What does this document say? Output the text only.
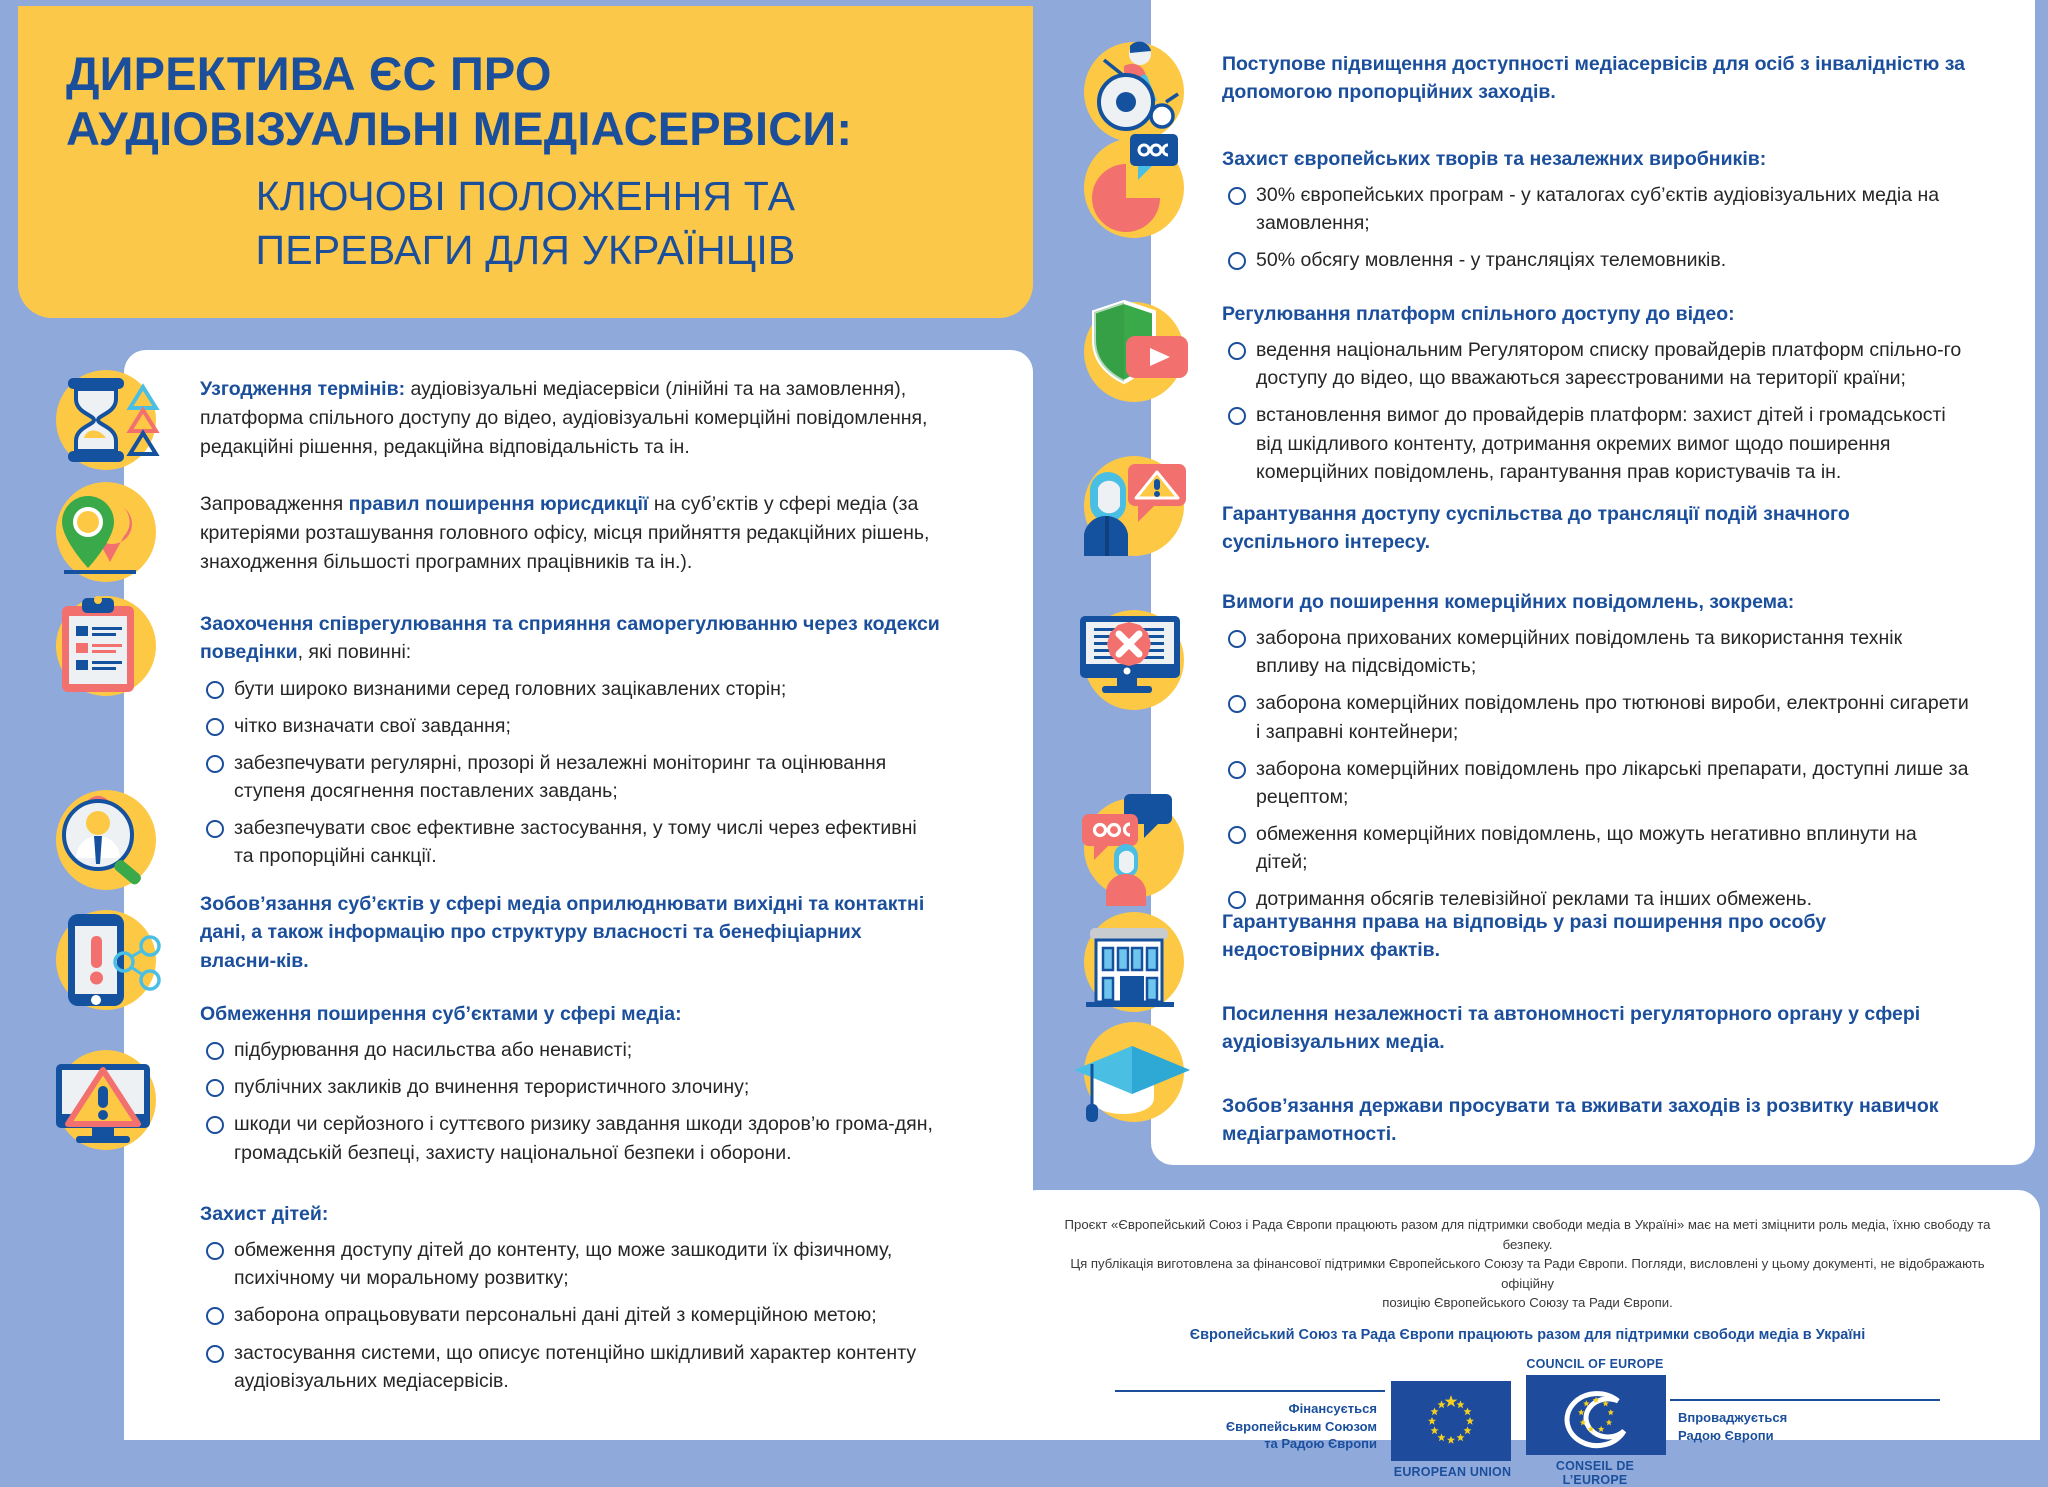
ДИРЕКТИВА ЄС ПРО
АУДІОВІЗУАЛЬНІ МЕДІАСЕРВІСИ:
КЛЮЧОВІ ПОЛОЖЕННЯ ТА
ПЕРЕВАГИ ДЛЯ УКРАЇНЦІВ
Узгодження термінів: аудіовізуальні медіасервіси (лінійні та на замовлення), платформа спільного доступу до відео, аудіовізуальні комерційні повідомлення, редакційні рішення, редакційна відповідальність та ін.
Запровадження правил поширення юрисдикції на суб’єктів у сфері медіа (за критеріями розташування головного офісу, місця прийняття редакційних рішень, знаходження більшості програмних працівників та ін.).
Заохочення співрегулювання та сприяння саморегулюванню через кодекси поведінки, які повинні:
бути широко визнаними серед головних зацікавлених сторін;
чітко визначати свої завдання;
забезпечувати регулярні, прозорі й незалежні моніторинг та оцінювання ступеня досягнення поставлених завдань;
забезпечувати своє ефективне застосування, у тому числі через ефективні та пропорційні санкції.
Зобов’язання суб’єктів у сфері медіа оприлюднювати вихідні та контактні дані, а також інформацію про структуру власності та бенефіціарних власни-ків.
Обмеження поширення суб’єктами у сфері медіа:
підбурювання до насильства або ненависті;
публічних закликів до вчинення терористичного злочину;
шкоди чи серйозного і суттєвого ризику завдання шкоди здоров’ю грома-дян, громадській безпеці, захисту національної безпеки і оборони.
Захист дітей:
обмеження доступу дітей до контенту, що може зашкодити їх фізичному, психічному чи моральному розвитку;
заборона опрацьовувати персональні дані дітей з комерційною метою;
застосування системи, що описує потенційно шкідливий характер контенту аудіовізуальних медіасервісів.
Поступове підвищення доступності медіасервісів для осіб з інвалідністю за допомогою пропорційних заходів.
Захист європейських творів та незалежних виробників:
30% європейських програм - у каталогах суб’єктів аудіовізуальних медіа на замовлення;
50% обсягу мовлення - у трансляціях телемовників.
Регулювання платформ спільного доступу до відео:
ведення національним Регулятором списку провайдерів платформ спільно-го доступу до відео, що вважаються зареєстрованими на території країни;
встановлення вимог до провайдерів платформ: захист дітей і громадськості від шкідливого контенту, дотримання окремих вимог щодо поширення комерційних повідомлень, гарантування прав користувачів та ін.
Гарантування доступу суспільства до трансляції подій значного суспільного інтересу.
Вимоги до поширення комерційних повідомлень, зокрема:
заборона прихованих комерційних повідомлень та використання технік впливу на підсвідомість;
заборона комерційних повідомлень про тютюнові вироби, електронні сигарети і заправні контейнери;
заборона комерційних повідомлень про лікарські препарати, доступні лише за рецептом;
обмеження комерційних повідомлень, що можуть негативно вплинути на дітей;
дотримання обсягів телевізійної реклами та інших обмежень.
Гарантування права на відповідь у разі поширення про особу недостовірних фактів.
Посилення незалежності та автономності регуляторного органу у сфері аудіовізуальних медіа.
Зобов’язання держави просувати та вживати заходів із розвитку навичок медіаграмотності.
Проєкт «Європейський Союз і Рада Європи працюють разом для підтримки свободи медіа в Україні» має на меті зміцнити роль медіа, їхню свободу та безпеку.
Ця публікація виготовлена за фінансової підтримки Європейського Союзу та Ради Європи. Погляди, висловлені у цьому документі, не відображають офіційну
позицію Європейського Союзу та Ради Європи.
Європейський Союз та Рада Європи працюють разом для підтримки свободи медіа в Україні
Фінансується
Європейським Союзом
та Радою Європи
EUROPEAN UNION
COUNCIL OF EUROPE
CONSEIL DE L’EUROPE
Впроваджується
Радою Європи
